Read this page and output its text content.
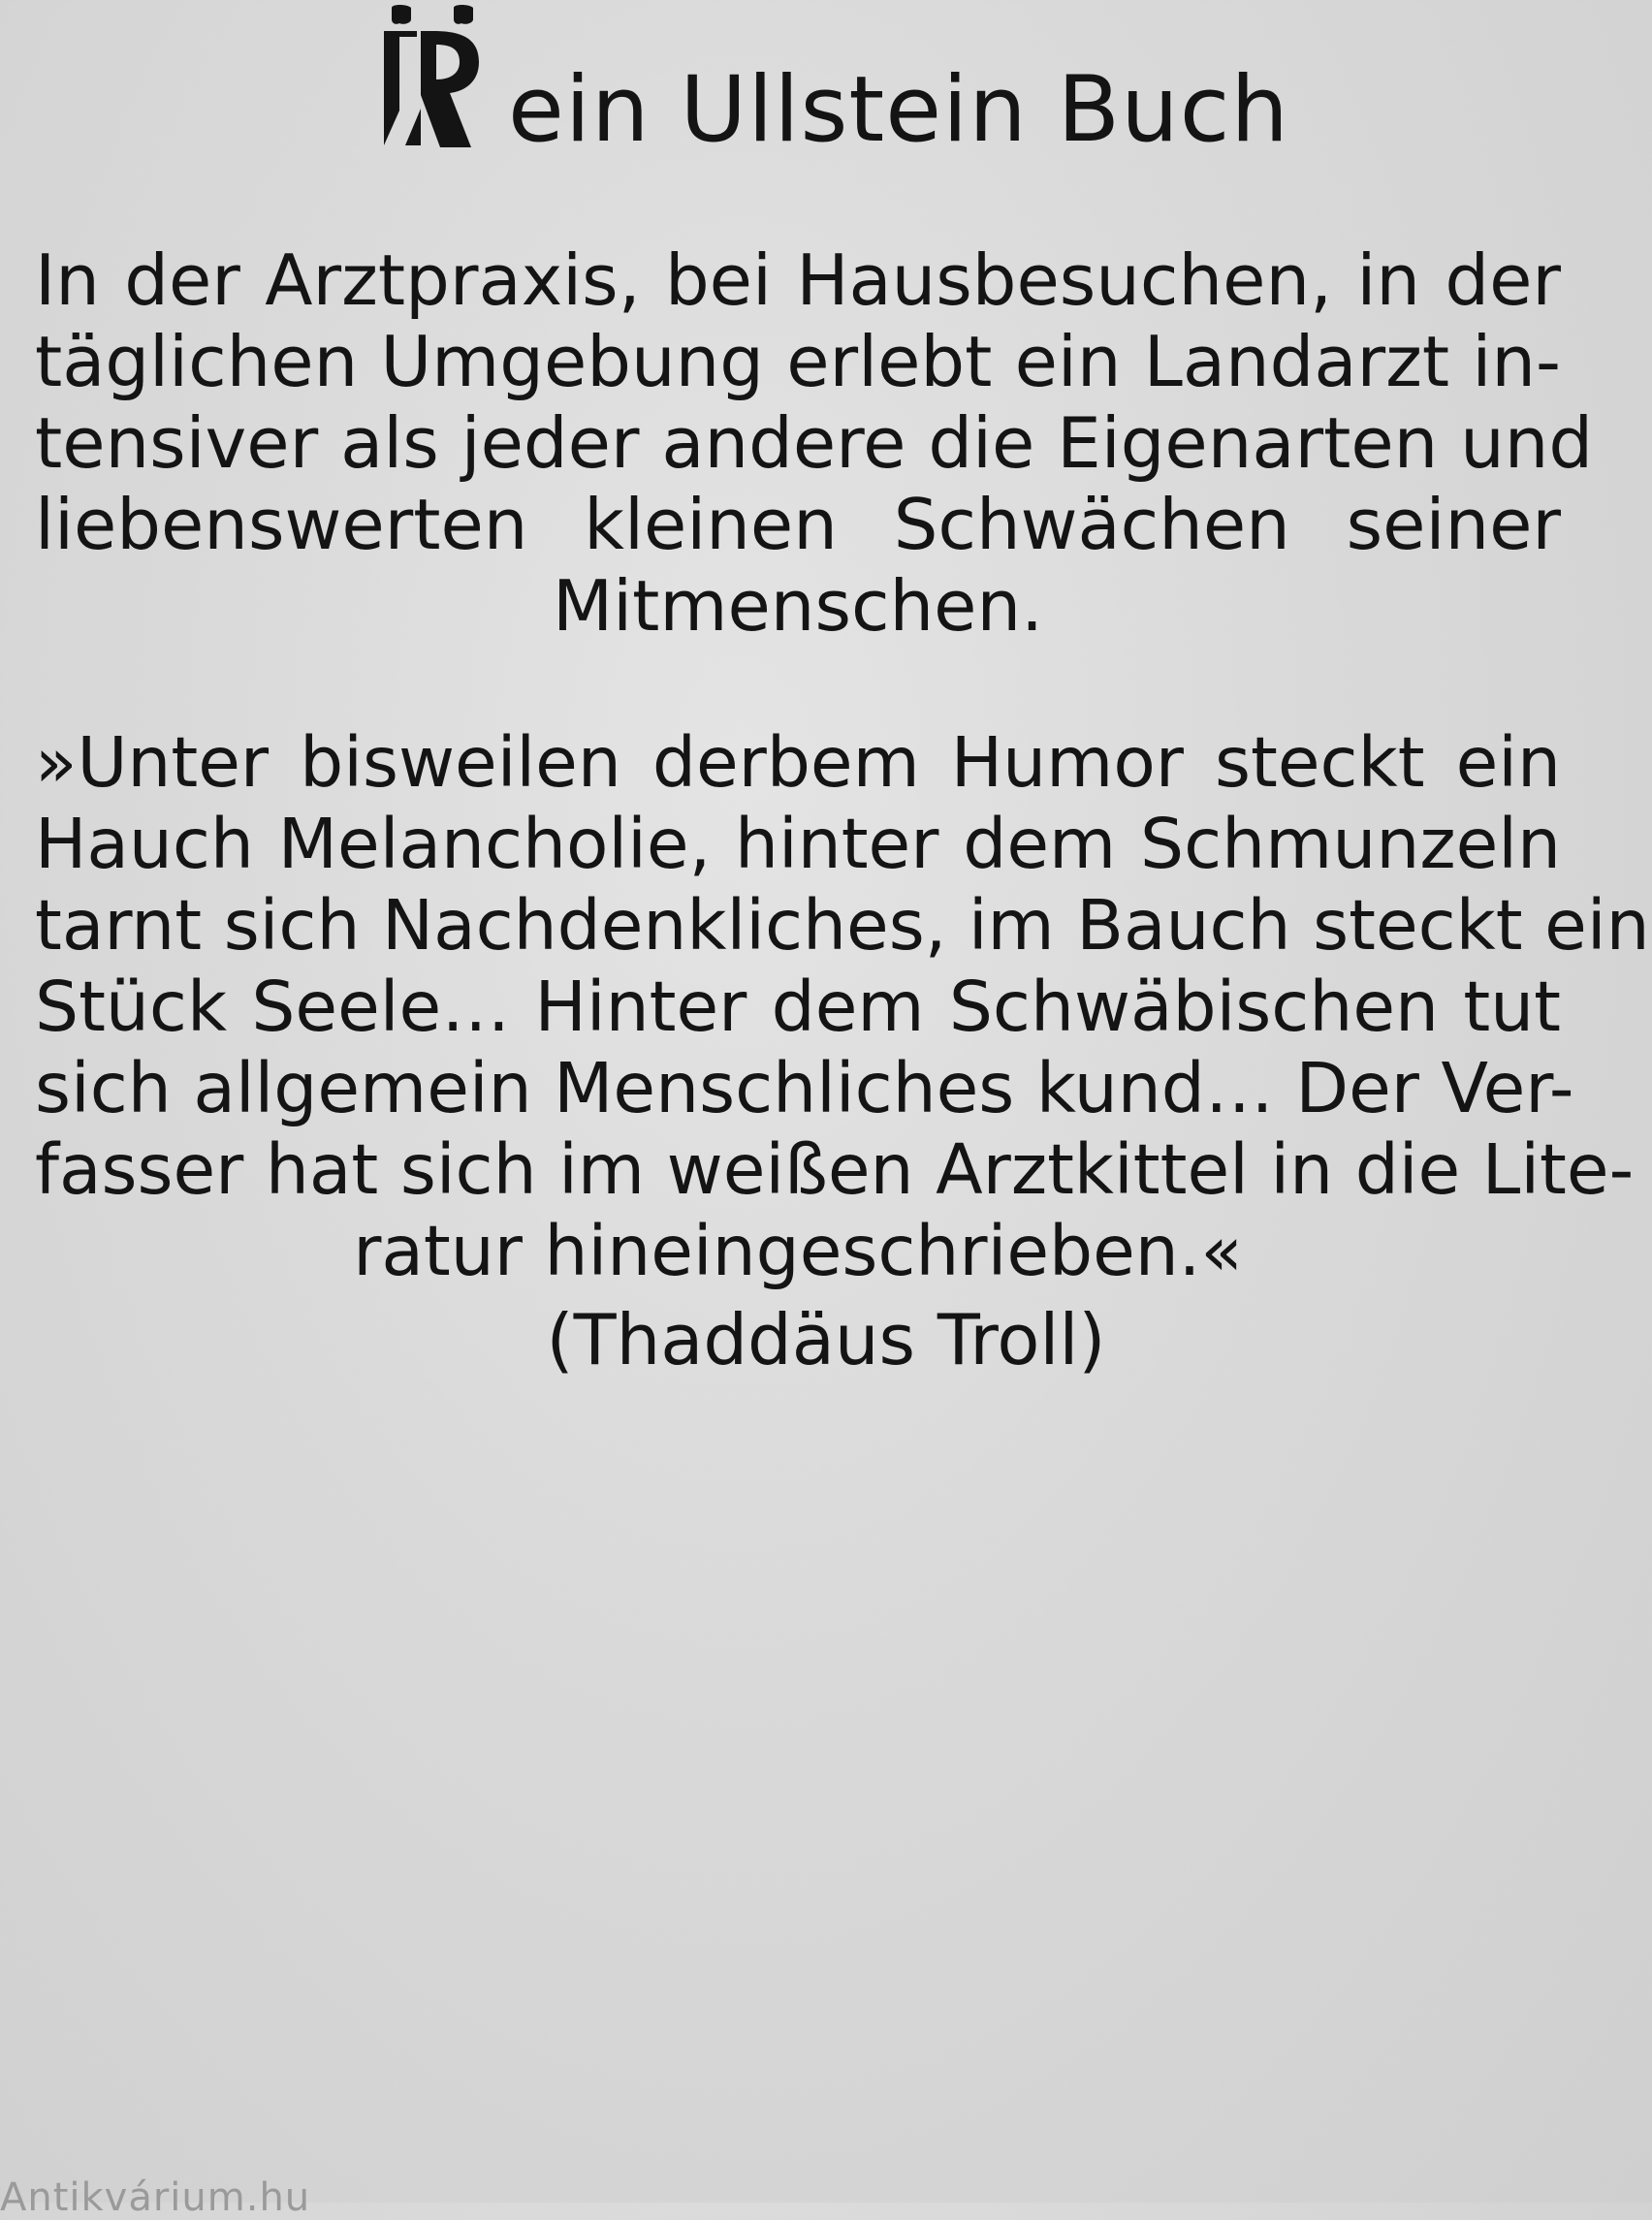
ein Ullstein Buch

In der Arztpraxis, bei Hausbesuchen, in der
täglichen Umgebung erlebt ein Landarzt in-
tensiver als jeder andere die Eigenarten und
liebenswerten kleinen Schwächen seiner
Mitmenschen.

»Unter bisweilen derbem Humor steckt ein
Hauch Melancholie, hinter dem Schmunzeln
tarnt sich Nachdenkliches, im Bauch steckt ein
Stück Seele… Hinter dem Schwäbischen tut
sich allgemein Menschliches kund… Der Ver-
fasser hat sich im weißen Arztkittel in die Lite-
ratur hineingeschrieben.«

(Thaddäus Troll)

Antikvárium.hu
